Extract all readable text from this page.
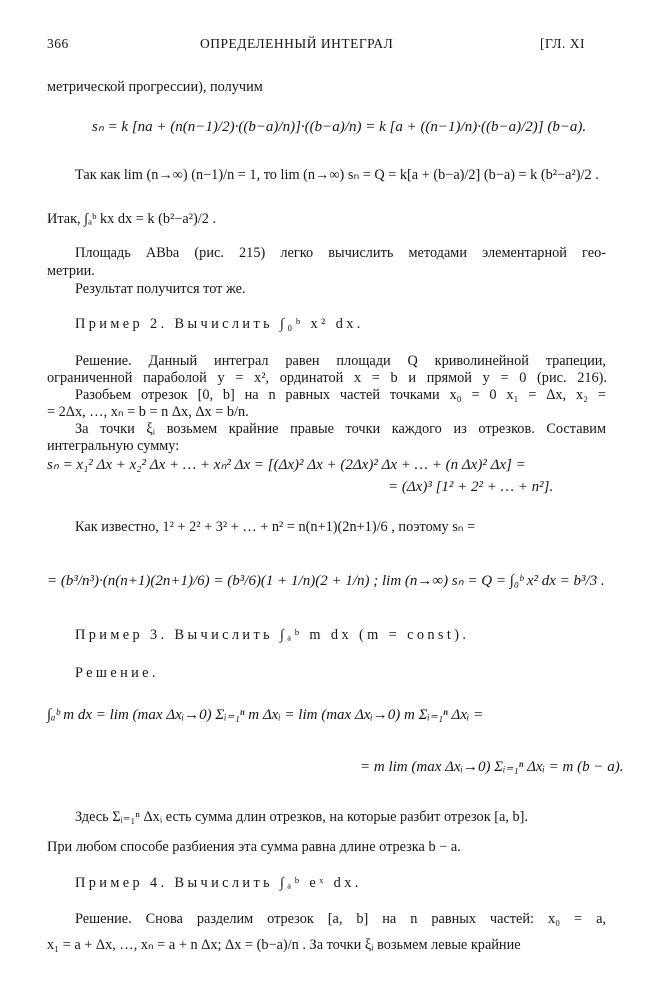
366	ОПРЕДЕЛЕННЫЙ ИНТЕГРАЛ	[ГЛ. XI
метрической прогрессии), получим
sₙ = k [na + (n(n−1)/2)·((b−a)/n)]·((b−a)/n) = k [a + ((n−1)/n)·((b−a)/2)] (b−a).
Так как lim (n→∞) (n−1)/n = 1, то lim (n→∞) sₙ = Q = k[a + (b−a)/2] (b−a) = k (b²−a²)/2 .
Итак, ∫ₐᵇ kx dx = k (b²−a²)/2 .
Площадь ABba (рис. 215) легко вычислить методами элементарной гео-
метрии.
Результат получится тот же.
Пример 2. Вычислить ∫₀ᵇ x² dx.
Решение. Данный интеграл равен площади Q криволинейной трапеции,
ограниченной параболой y = x², ординатой x = b и прямой y = 0 (рис. 216).
Разобьем отрезок [0, b] на n равных частей точками x₀ = 0 x₁ = Δx, x₂ =
= 2Δx, …, xₙ = b = n Δx, Δx = b/n.
За точки ξᵢ возьмем крайние правые точки каждого из отрезков. Составим
интегральную сумму:
sₙ = x₁² Δx + x₂² Δx + … + xₙ² Δx = [(Δx)² Δx + (2Δx)² Δx + … + (n Δx)² Δx] =
= (Δx)³ [1² + 2² + … + n²].
Как известно, 1² + 2² + 3² + … + n² = n(n+1)(2n+1)/6 , поэтому sₙ =
= (b³/n³)·(n(n+1)(2n+1)/6) = (b³/6)(1 + 1/n)(2 + 1/n) ; lim (n→∞) sₙ = Q = ∫₀ᵇ x² dx = b³/3 .
Пример 3. Вычислить ∫ₐᵇ m dx (m = const).
Решение.
∫ₐᵇ m dx = lim (max Δxᵢ→0) Σᵢ₌₁ⁿ m Δxᵢ = lim (max Δxᵢ→0) m Σᵢ₌₁ⁿ Δxᵢ =
= m lim (max Δxᵢ→0) Σᵢ₌₁ⁿ Δxᵢ = m (b − a).
Здесь Σᵢ₌₁ⁿ Δxᵢ есть сумма длин отрезков, на которые разбит отрезок [a, b].
При любом способе разбиения эта сумма равна длине отрезка b − a.
Пример 4. Вычислить ∫ₐᵇ eˣ dx.
Решение. Снова разделим отрезок [a, b] на n равных частей: x₀ = a,
x₁ = a + Δx, …, xₙ = a + n Δx; Δx = (b−a)/n . За точки ξᵢ возьмем левые крайние
